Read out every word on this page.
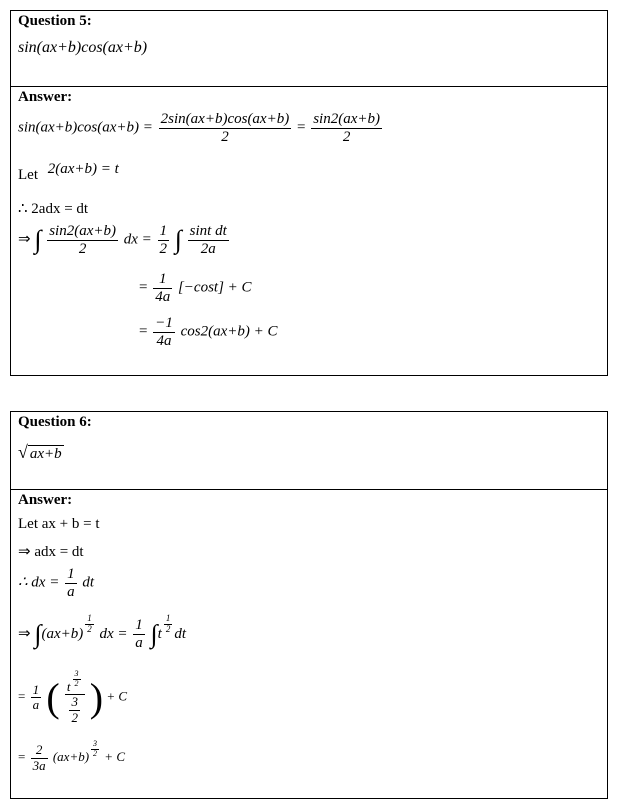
Question 5:
sin(ax+b)cos(ax+b)
Answer:
$\sin(ax+b)\cos(ax+b) = \frac{2\sin(ax+b)\cos(ax+b)}{2} = \frac{\sin 2(ax+b)}{2}$
Let 2(ax+b) = t
∴ 2adx = dt
⇒ ∫ $\frac{\sin 2(ax+b)}{2}$ dx = $\frac{1}{2}$ ∫ $\frac{\text{sint dt}}{2a}$
= $\frac{1}{4a} [-\cos t] + C$
= $\frac{-1}{4a} \cos 2(ax+b) + C$
Question 6:
√ ax+b
Answer:
Let ax + b = t
⇒ adx = dt
∴ dx = $\frac{1}{a}$ dt
⇒ $\int(ax+b) \frac{1}{2}$ dx = $\frac{1}{a} \int t \frac{1}{2}$ dt
= $\frac{1}{a}$ ( $\frac{t \frac{3}{2}}{\frac{3}{2}}$ ) + C
= $\frac{2}{3a} (ax+b) \frac{3}{2} + C$
